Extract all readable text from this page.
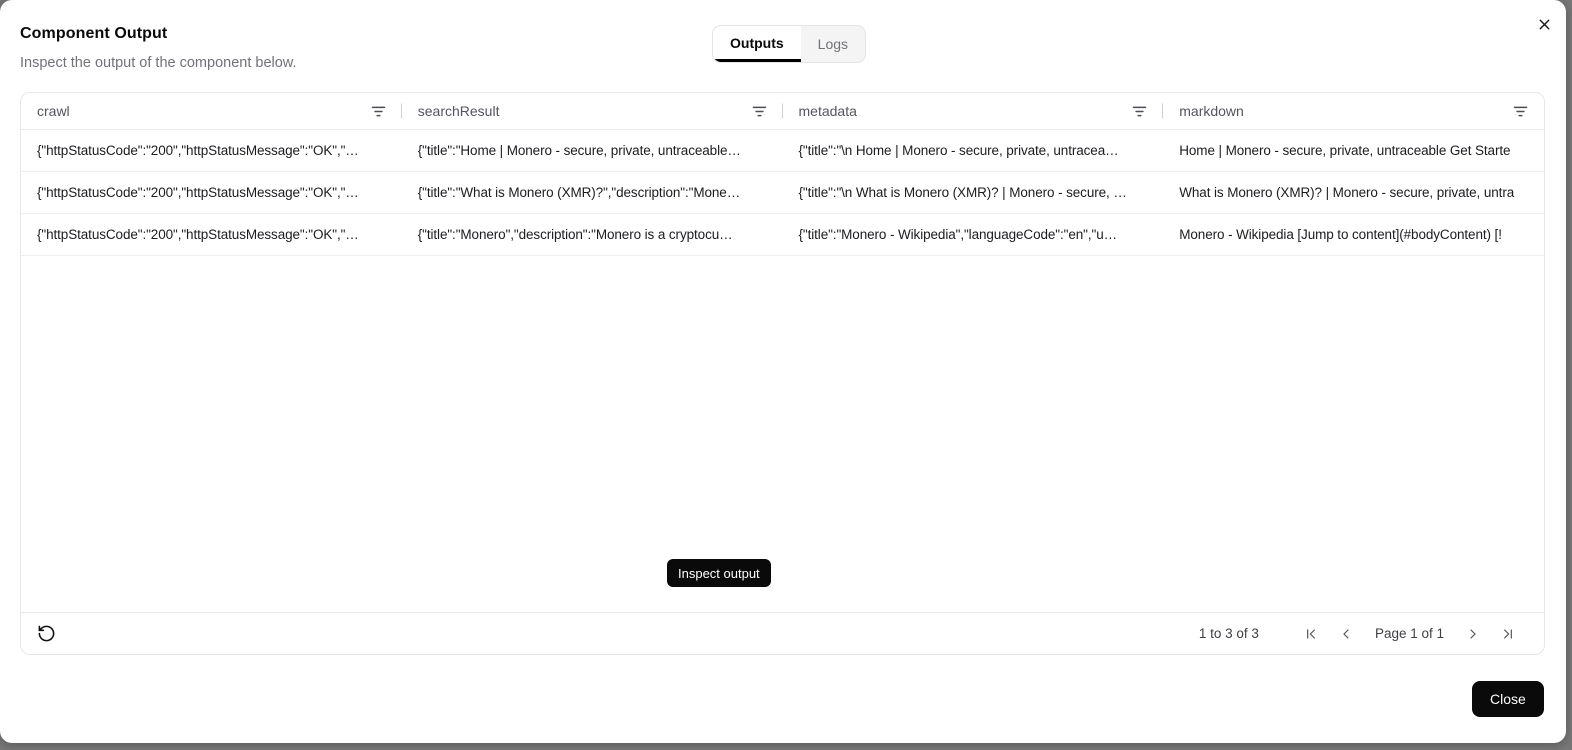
Component Output
Inspect the output of the component below.
Outputs	Logs
crawl	searchResult	metadata	markdown
{"httpStatusCode":"200","httpStatusMessage":"OK","…	{"title":"Home | Monero - secure, private, untraceable…	{"title":"\n Home | Monero - secure, private, untracea…	Home | Monero - secure, private, untraceable Get Starte
{"httpStatusCode":"200","httpStatusMessage":"OK","…	{"title":"What is Monero (XMR)?","description":"Mone…	{"title":"\n What is Monero (XMR)? | Monero - secure, …	What is Monero (XMR)? | Monero - secure, private, untra
{"httpStatusCode":"200","httpStatusMessage":"OK","…	{"title":"Monero","description":"Monero is a cryptocu…	{"title":"Monero - Wikipedia","languageCode":"en","u…	Monero - Wikipedia [Jump to content](#bodyContent) [!
1 to 3 of 3	Page 1 of 1
Inspect output
Close
